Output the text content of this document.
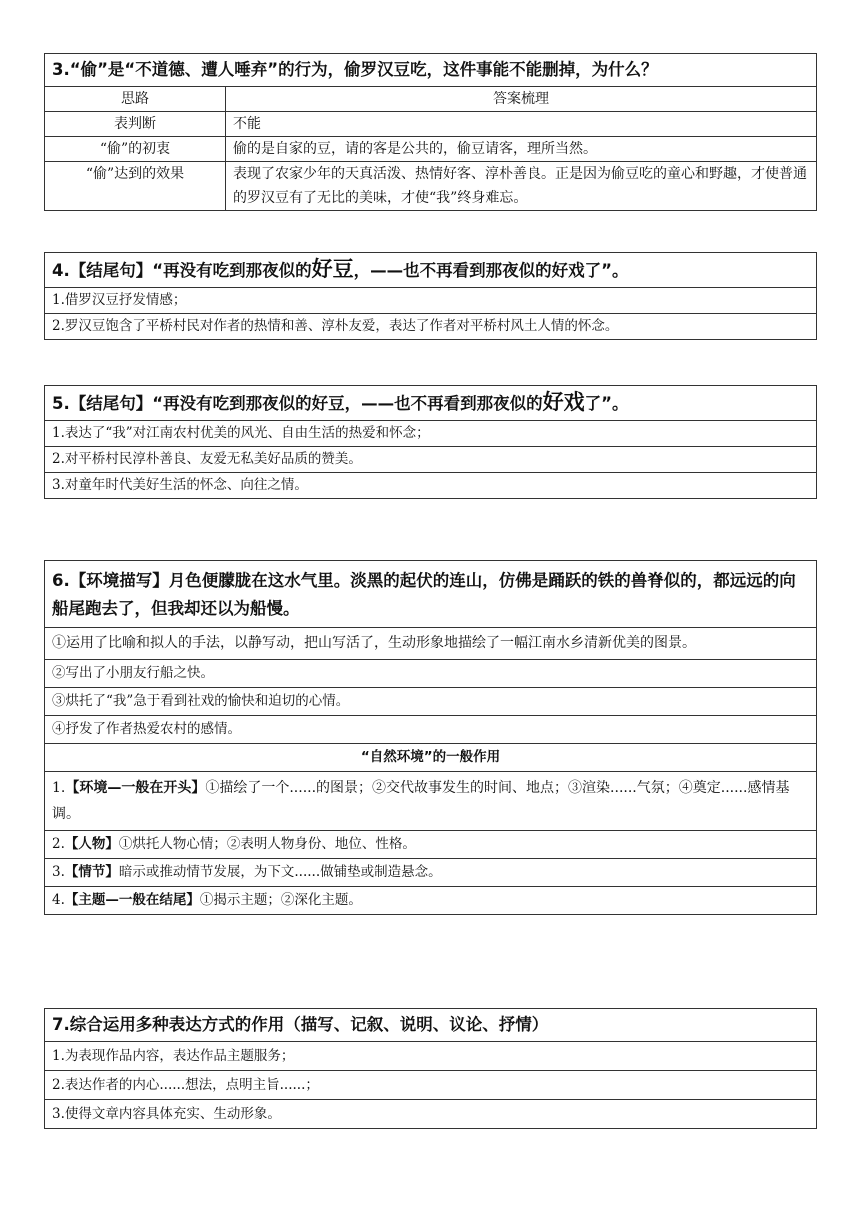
3.“偷”是“不道德、遭人唾弃”的行为，偷罗汉豆吃，这件事能不能删掉，为什么？	
思路	答案梳理
表判断	不能
“偷”的初衷	偷的是自家的豆，请的客是公共的，偷豆请客，理所当然。
“偷”达到的效果	表现了农家少年的天真活泼、热情好客、淳朴善良。正是因为偷豆吃的童心和野趣，才使普通的罗汉豆有了无比的美味，才使“我”终身难忘。
4.【结尾句】“再没有吃到那夜似的好豆，——也不再看到那夜似的好戏了”。
1.借罗汉豆抒发情感；
2.罗汉豆饱含了平桥村民对作者的热情和善、淳朴友爱，表达了作者对平桥村风土人情的怀念。
5.【结尾句】“再没有吃到那夜似的好豆，——也不再看到那夜似的好戏了”。
1.表达了“我”对江南农村优美的风光、自由生活的热爱和怀念；
2.对平桥村民淳朴善良、友爱无私美好品质的赞美。
3.对童年时代美好生活的怀念、向往之情。
6.【环境描写】月色便朦胧在这水气里。淡黑的起伏的连山，仿佛是踊跃的铁的兽脊似的，都远远的向船尾跑去了，但我却还以为船慢。
①运用了比喻和拟人的手法，以静写动，把山写活了，生动形象地描绘了一幅江南水乡清新优美的图景。
②写出了小朋友行船之快。
③烘托了“我”急于看到社戏的愉快和迫切的心情。
④抒发了作者热爱农村的感情。
“自然环境”的一般作用
1.【环境—一般在开头】①描绘了一个......的图景；②交代故事发生的时间、地点；③渲染......气氛；④奠定......感情基调。
2.【人物】①烘托人物心情；②表明人物身份、地位、性格。
3.【情节】暗示或推动情节发展，为下文......做铺垫或制造悬念。
4.【主题—一般在结尾】①揭示主题；②深化主题。
7.综合运用多种表达方式的作用（描写、记叙、说明、议论、抒情）
1.为表现作品内容，表达作品主题服务；
2.表达作者的内心......想法，点明主旨......；
3.使得文章内容具体充实、生动形象。
